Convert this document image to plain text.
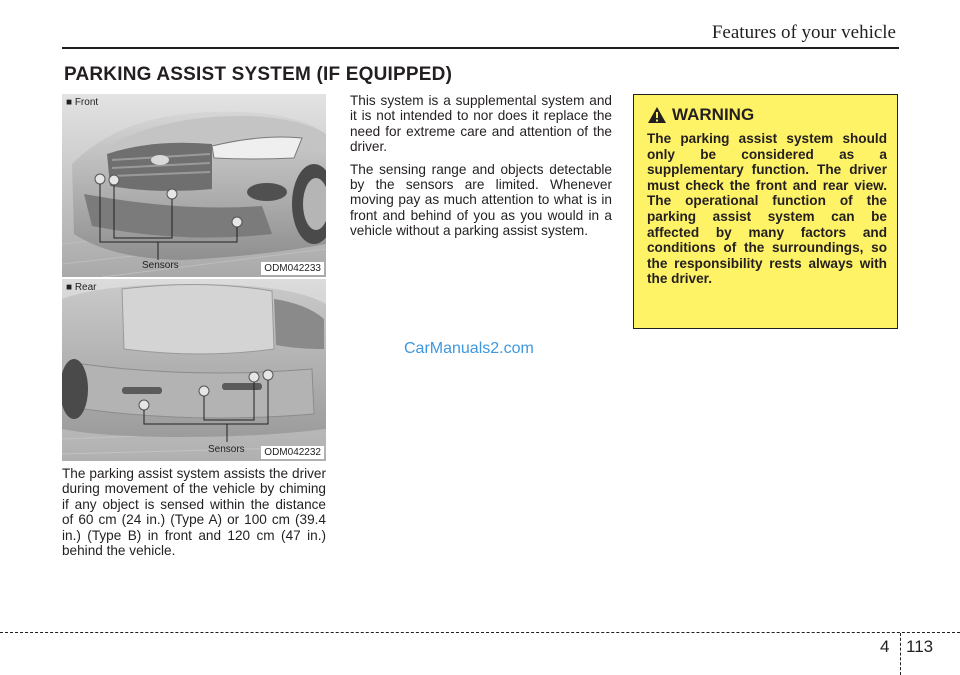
Features of your vehicle
PARKING ASSIST SYSTEM (IF EQUIPPED)
■ Front
Sensors	ODM042233
■ Rear
Sensors	ODM042232
The parking assist system assists the driver during movement of the vehicle by chiming if any object is sensed within the distance of 60 cm (24 in.) (Type A) or 100 cm (39.4 in.) (Type B) in front and 120 cm (47 in.) behind the vehicle.

This system is a supplemental system and it is not intended to nor does it replace the need for extreme care and attention of the driver.

The sensing range and objects detectable by the sensors are limited. Whenever moving pay as much attention to what is in front and behind of you as you would in a vehicle without a parking assist system.

WARNING
The parking assist system should only be considered as a supplementary function. The driver must check the front and rear view. The operational function of the parking assist system can be affected by many factors and conditions of the surroundings, so the responsibility rests always with the driver.
CarManuals2.com
4 113
